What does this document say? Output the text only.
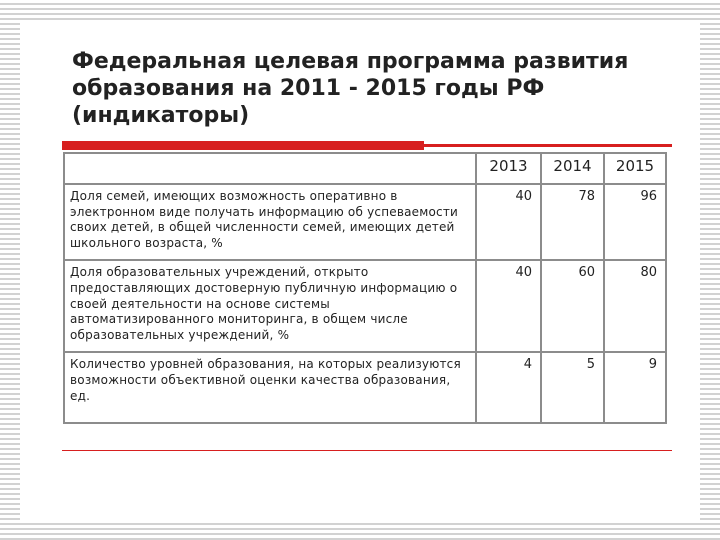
Федеральная целевая программа развития
образования на 2011 - 2015 годы РФ
(индикаторы)
	2013	2014	2015
Доля семей, имеющих возможность оперативно в электронном виде получать информацию об успеваемости своих детей, в общей численности семей, имеющих детей школьного возраста, %	40	78	96
Доля образовательных учреждений, открыто предоставляющих достоверную публичную информацию о своей деятельности на основе системы автоматизированного мониторинга, в общем числе образовательных учреждений, %	40	60	80
Количество уровней образования, на которых реализуются возможности объективной оценки качества образования, ед.	4	5	9
